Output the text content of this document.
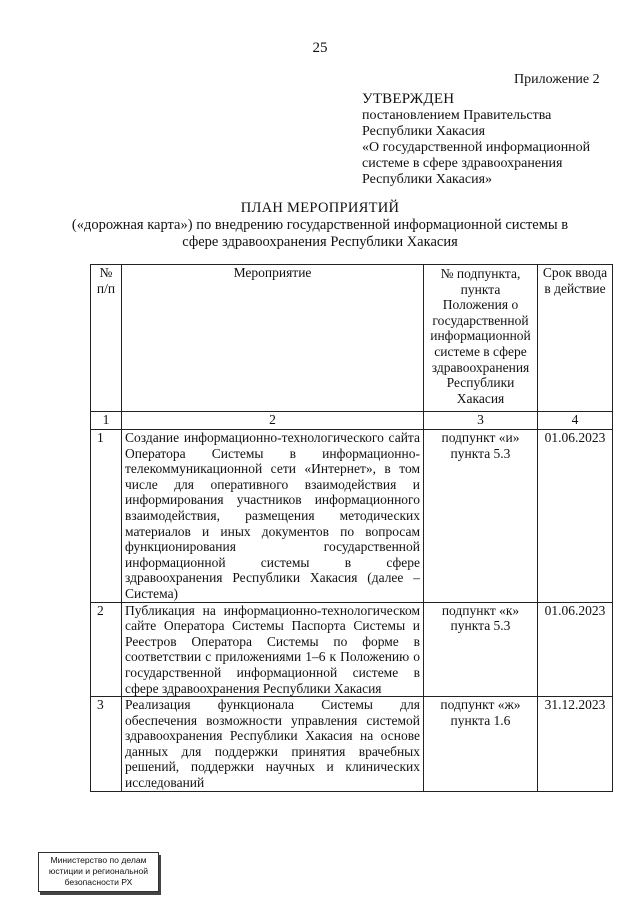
25
Приложение 2
УТВЕРЖДЕН
постановлением Правительства
Республики Хакасия
«О государственной информационной
системе в сфере здравоохранения
Республики Хакасия»
ПЛАН МЕРОПРИЯТИЙ
(«дорожная карта») по внедрению государственной информационной системы в
сфере здравоохранения Республики Хакасия
№ п/п	Мероприятие	№ подпункта, пункта Положения о государственной информационной системе в сфере здравоохранения Республики Хакасия	Срок ввода в действие
1	2	3	4
1	Создание информационно-технологического сайта Оператора Системы в информационно-телекоммуникационной сети «Интернет», в том числе для оперативного взаимодействия и информирования участников информационного взаимодействия, размещения методических материалов и иных документов по вопросам функционирования государственной информационной системы в сфере здравоохранения Республики Хакасия (далее – Система)	подпункт «и» пункта 5.3	01.06.2023
2	Публикация на информационно-технологическом сайте Оператора Системы Паспорта Системы и Реестров Оператора Системы по форме в соответствии с приложениями 1–6 к Положению о государственной информационной системе в сфере здравоохранения Республики Хакасия	подпункт «к» пункта 5.3	01.06.2023
3	Реализация функционала Системы для обеспечения возможности управления системой здравоохранения Республики Хакасия на основе данных для поддержки принятия врачебных решений, поддержки научных и клинических исследований	подпункт «ж» пункта 1.6	31.12.2023
Министерство по делам
юстиции и региональной
безопасности РХ
